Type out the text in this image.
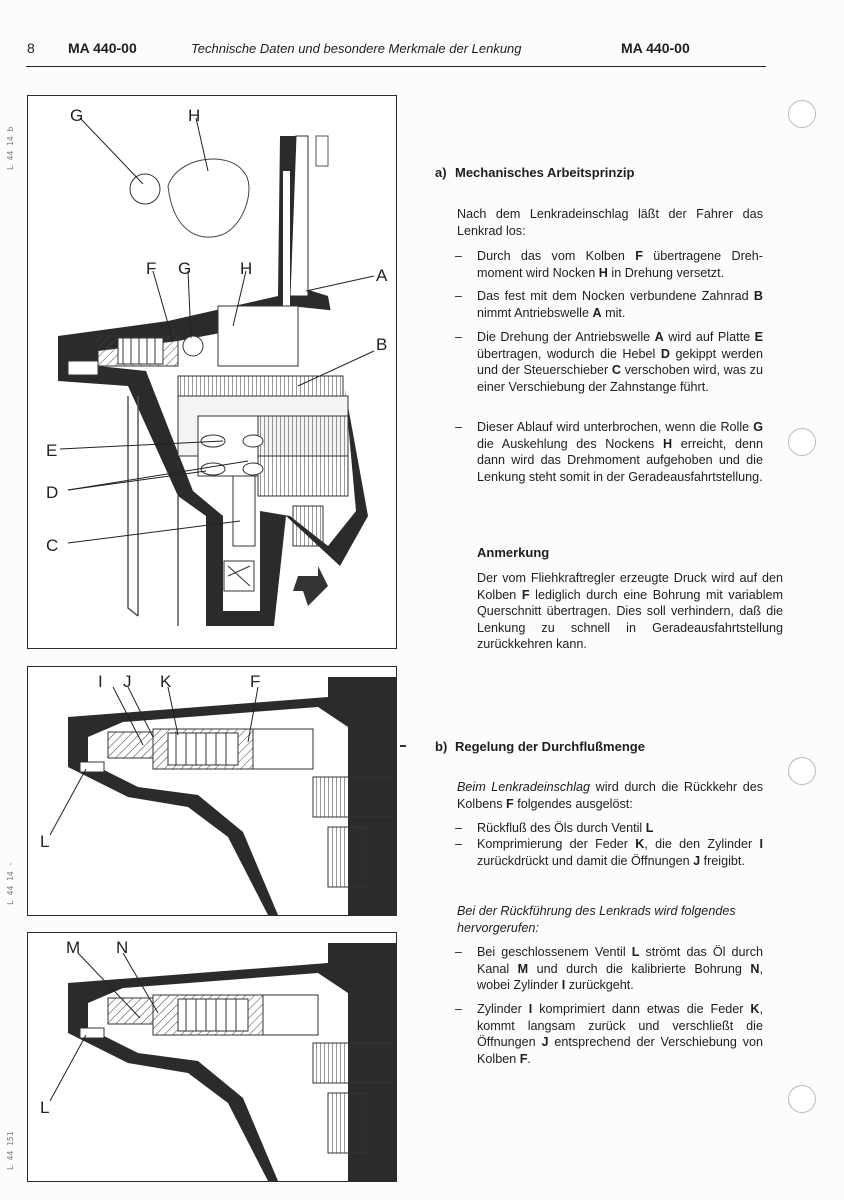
8 MA 440-00	Technische Daten und besondere Merkmale der Lenkung	MA 440-00
L 44 14 b
L 44 14 -
L 44 151
G	H
F G	H	A
B
E
D
C
I J K	F
L
M N
L
a) Mechanisches Arbeitsprinzip
Nach dem Lenkradeinschlag läßt der Fahrer das Lenkrad los:
– Durch das vom Kolben F übertragene Drehmoment wird Nocken H in Drehung versetzt.
– Das fest mit dem Nocken verbundene Zahnrad B nimmt Antriebswelle A mit.
– Die Drehung der Antriebswelle A wird auf Platte E übertragen, wodurch die Hebel D gekippt werden und der Steuerschieber C verschoben wird, was zu einer Verschiebung der Zahnstange führt.
– Dieser Ablauf wird unterbrochen, wenn die Rolle G die Auskehlung des Nockens H erreicht, denn dann wird das Drehmoment aufgehoben und die Lenkung steht somit in der Geradeausfahrtstellung.
Anmerkung
Der vom Fliehkraftregler erzeugte Druck wird auf den Kolben F lediglich durch eine Bohrung mit variablem Querschnitt übertragen. Dies soll verhindern, daß die Lenkung zu schnell in Geradeausfahrtstellung zurückkehren kann.
b) Regelung der Durchflußmenge
Beim Lenkradeinschlag wird durch die Rückkehr des Kolbens F folgendes ausgelöst:
– Rückfluß des Öls durch Ventil L
– Komprimierung der Feder K, die den Zylinder I zurückdrückt und damit die Öffnungen J freigibt.
Bei der Rückführung des Lenkrads wird folgendes hervorgerufen:
– Bei geschlossenem Ventil L strömt das Öl durch Kanal M und durch die kalibrierte Bohrung N, wobei Zylinder I zurückgeht.
– Zylinder I komprimiert dann etwas die Feder K, kommt langsam zurück und verschließt die Öffnungen J entsprechend der Verschiebung von Kolben F.
